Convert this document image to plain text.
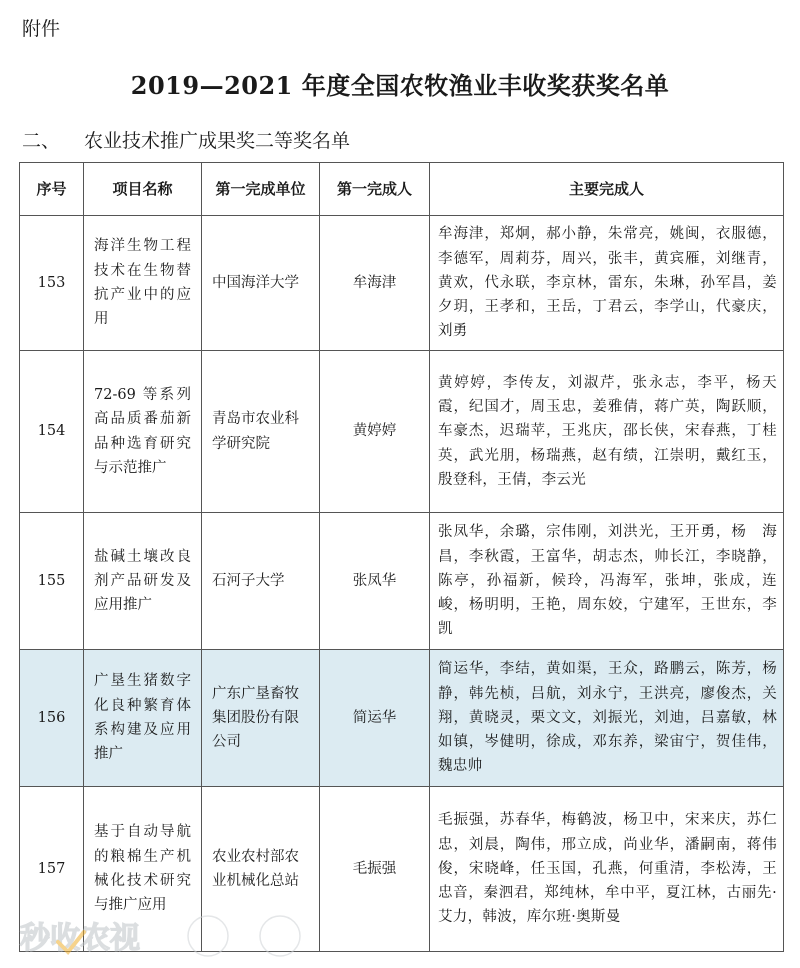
附件
2019—2021 年度全国农牧渔业丰收奖获奖名单
二、 农业技术推广成果奖二等奖名单
序号	项目名称	第一完成单位	第一完成人	主要完成人
153	海洋生物工程技术在生物替抗产业中的应用	中国海洋大学	牟海津	牟海津，郑炯，郝小静，朱常亮，姚闽，衣服德，李德军，周莉芬，周兴，张丰，黄宾雁，刘继青，黄欢，代永联，李京林，雷东，朱琳，孙军昌，姜夕玥，王孝和，王岳，丁君云，李学山，代豪庆，刘勇
154	72-69 等系列高品质番茄新品种选育研究与示范推广	青岛市农业科学研究院	黄婷婷	黄婷婷，李传友，刘淑芹，张永志，李平，杨天霞，纪国才，周玉忠，姜雅倩，蒋广英，陶跃顺，车豪杰，迟瑞苹，王兆庆，邵长侠，宋春燕，丁桂英，武光朋，杨瑞燕，赵有绩，江崇明，戴红玉，殷登科，王倩，李云光
155	盐碱土壤改良剂产品研发及应用推广	石河子大学	张凤华	张凤华，余璐，宗伟刚，刘洪光，王开勇，杨　海昌，李秋霞，王富华，胡志杰，帅长江，李晓静，陈亭，孙福新，候玲，冯海军，张坤，张成，连峻，杨明明，王艳，周东姣，宁建军，王世东，李凯
156	广垦生猪数字化良种繁育体系构建及应用推广	广东广垦畜牧集团股份有限公司	简运华	简运华，李结，黄如渠，王众，路鹏云，陈芳，杨静，韩先桢，吕航，刘永宁，王洪亮，廖俊杰，关翔，黄晓灵，栗文文，刘振光，刘迪，吕嘉敏，林如镇，岑健明，徐成，邓东养，梁宙宁，贺佳伟，魏忠帅
157	基于自动导航的粮棉生产机械化技术研究与推广应用	农业农村部农业机械化总站	毛振强	毛振强，苏春华，梅鹤波，杨卫中，宋来庆，苏仁忠，刘晨，陶伟，邢立成，尚业华，潘嗣南，蒋伟俊，宋晓峰，任玉国，孔燕，何重清，李松涛，王忠音，秦泗君，郑纯林，牟中平，夏江林，古丽先·艾力，韩波，库尔班·奥斯曼
秒收农视
